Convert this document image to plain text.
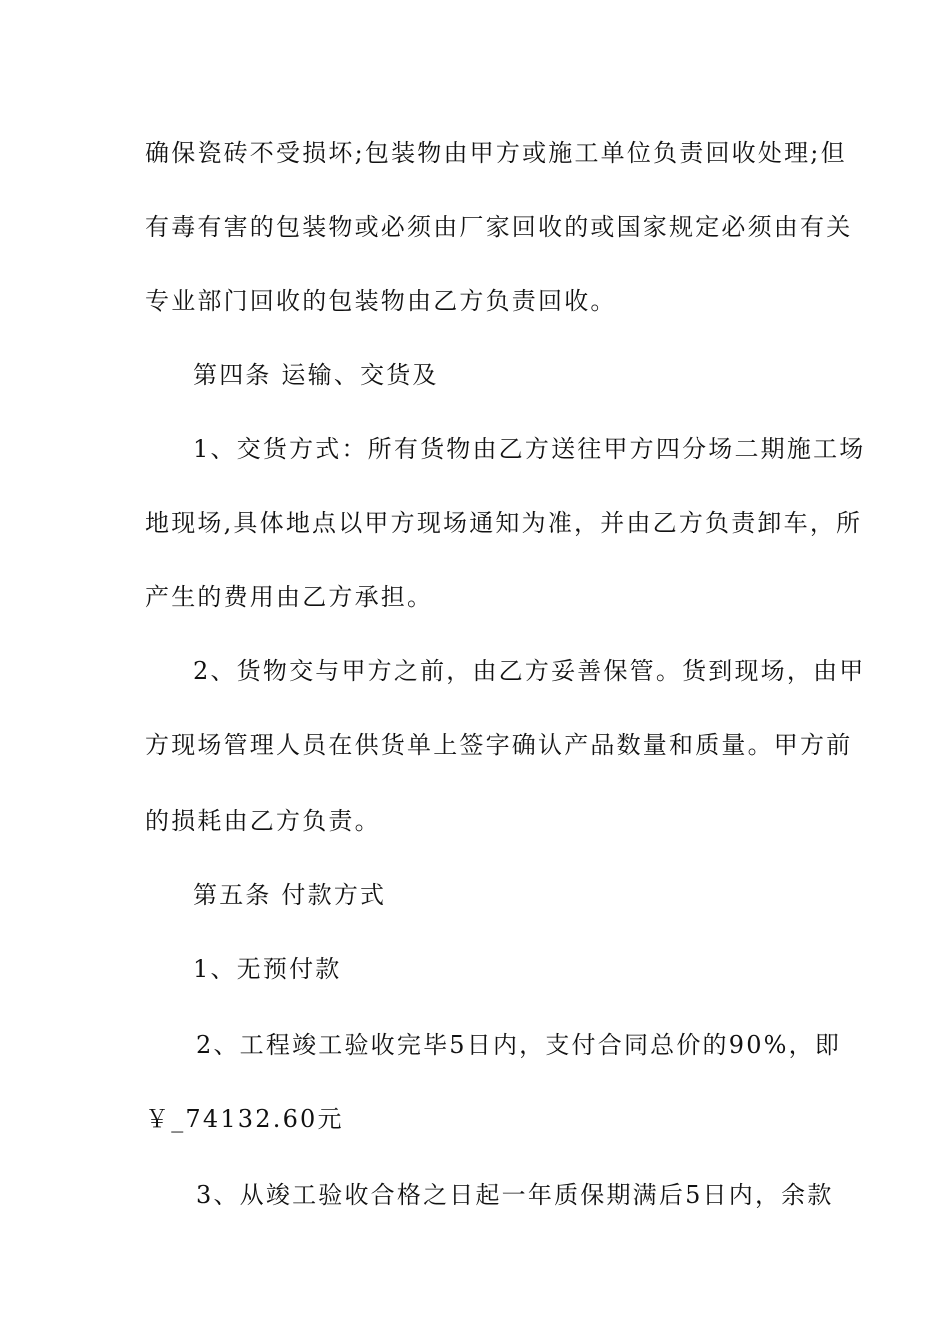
确保瓷砖不受损坏;包装物由甲方或施工单位负责回收处理;但
有毒有害的包装物或必须由厂家回收的或国家规定必须由有关
专业部门回收的包装物由乙方负责回收。
第四条 运输、交货及
1、交货方式：所有货物由乙方送往甲方四分场二期施工场
地现场,具体地点以甲方现场通知为准，并由乙方负责卸车，所
产生的费用由乙方承担。
2、货物交与甲方之前，由乙方妥善保管。货到现场，由甲
方现场管理人员在供货单上签字确认产品数量和质量。甲方前
的损耗由乙方负责。
第五条 付款方式
1、无预付款
2、工程竣工验收完毕5日内，支付合同总价的90%，即
￥_74132.60元
3、从竣工验收合格之日起一年质保期满后5日内，余款
